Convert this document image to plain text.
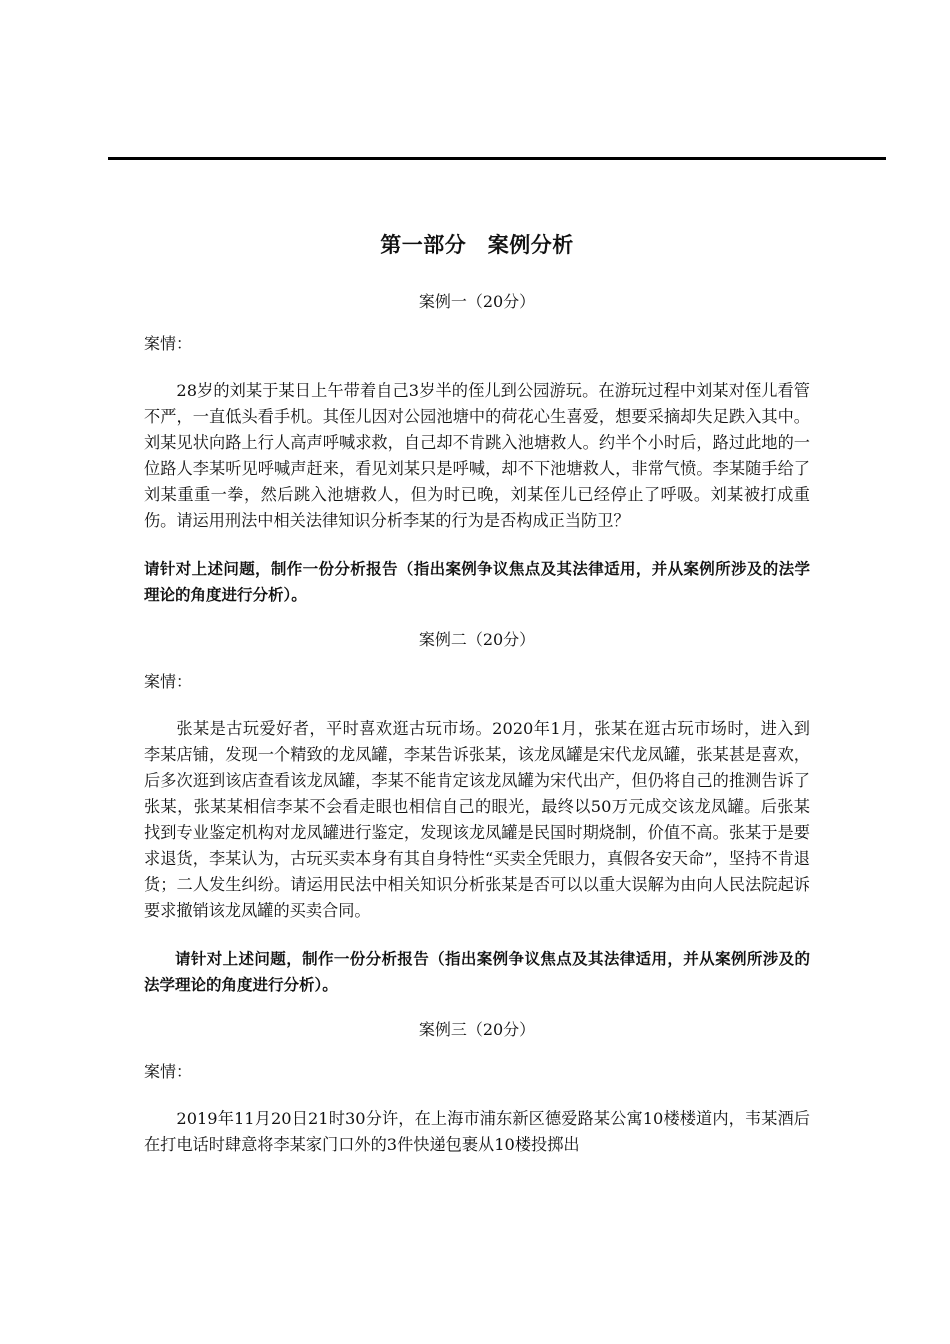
第一部分　案例分析
案例一（20分）
案情：

28岁的刘某于某日上午带着自己3岁半的侄儿到公园游玩。在游玩过程中刘某对侄儿看管不严，一直低头看手机。其侄儿因对公园池塘中的荷花心生喜爱，想要采摘却失足跌入其中。刘某见状向路上行人高声呼喊求救，自己却不肯跳入池塘救人。约半个小时后，路过此地的一位路人李某听见呼喊声赶来，看见刘某只是呼喊，却不下池塘救人，非常气愤。李某随手给了刘某重重一拳，然后跳入池塘救人，但为时已晚，刘某侄儿已经停止了呼吸。刘某被打成重伤。请运用刑法中相关法律知识分析李某的行为是否构成正当防卫？

请针对上述问题，制作一份分析报告（指出案例争议焦点及其法律适用，并从案例所涉及的法学理论的角度进行分析）。

案例二（20分）
案情：

张某是古玩爱好者，平时喜欢逛古玩市场。2020年1月，张某在逛古玩市场时，进入到李某店铺，发现一个精致的龙凤罐，李某告诉张某，该龙凤罐是宋代龙凤罐，张某甚是喜欢，后多次逛到该店查看该龙凤罐，李某不能肯定该龙凤罐为宋代出产，但仍将自己的推测告诉了张某，张某某相信李某不会看走眼也相信自己的眼光，最终以50万元成交该龙凤罐。后张某找到专业鉴定机构对龙凤罐进行鉴定，发现该龙凤罐是民国时期烧制，价值不高。张某于是要求退货，李某认为，古玩买卖本身有其自身特性“买卖全凭眼力，真假各安天命”，坚持不肯退货；二人发生纠纷。请运用民法中相关知识分析张某是否可以以重大误解为由向人民法院起诉要求撤销该龙凤罐的买卖合同。

请针对上述问题，制作一份分析报告（指出案例争议焦点及其法律适用，并从案例所涉及的法学理论的角度进行分析）。

案例三（20分）
案情：

2019年11月20日21时30分许，在上海市浦东新区德爱路某公寓10楼楼道内，韦某酒后在打电话时肆意将李某家门口外的3件快递包裹从10楼投掷出
